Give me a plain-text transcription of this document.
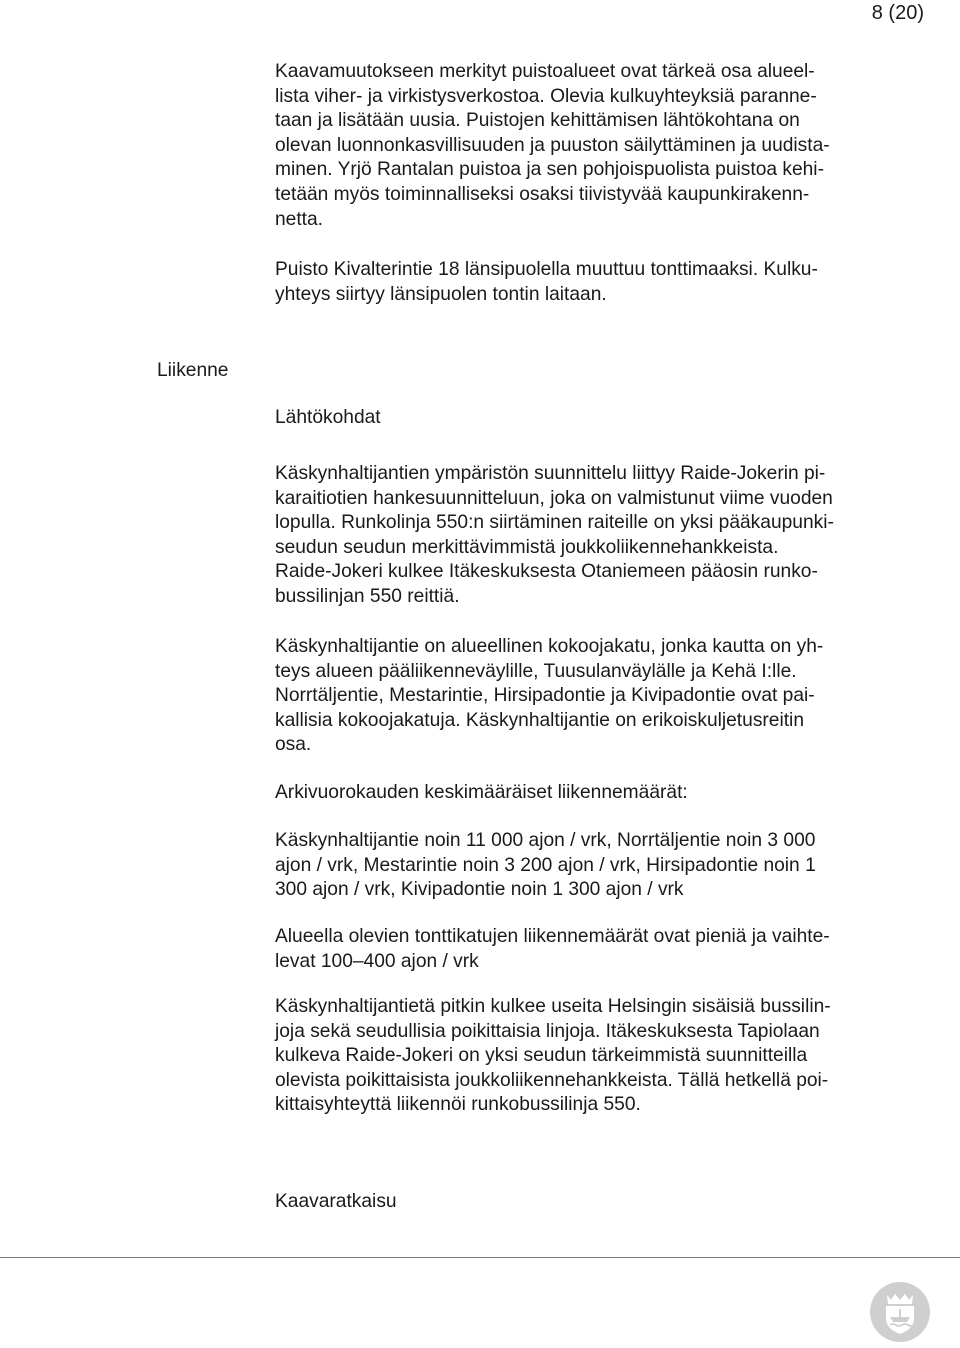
8 (20)

Kaavamuutokseen merkityt puistoalueet ovat tärkeä osa alueel-
lista viher- ja virkistysverkostoa. Olevia kulkuyhteyksiä paranne-
taan ja lisätään uusia. Puistojen kehittämisen lähtökohtana on
olevan luonnonkasvillisuuden ja puuston säilyttäminen ja uudista-
minen. Yrjö Rantalan puistoa ja sen pohjoispuolista puistoa kehi-
tetään myös toiminnalliseksi osaksi tiivistyvää kaupunkirakenn-
netta.

Puisto Kivalterintie 18 länsipuolella muuttuu tonttimaaksi. Kulku-
yhteys siirtyy länsipuolen tontin laitaan.

Liikenne

Lähtökohdat

Käskynhaltijantien ympäristön suunnittelu liittyy Raide-Jokerin pi-
karaitiotien hankesuunnitteluun, joka on valmistunut viime vuoden
lopulla. Runkolinja 550:n siirtäminen raiteille on yksi pääkaupunki-
seudun seudun merkittävimmistä joukkoliikennehankkeista.
Raide-Jokeri kulkee Itäkeskuksesta Otaniemeen pääosin runko-
bussilinjan 550 reittiä.

Käskynhaltijantie on alueellinen kokoojakatu, jonka kautta on yh-
teys alueen pääliikenneväylille, Tuusulanväylälle ja Kehä I:lle.
Norrtäljentie, Mestarintie, Hirsipadontie ja Kivipadontie ovat pai-
kallisia kokoojakatuja. Käskynhaltijantie on erikoiskuljetusreitin
osa.

Arkivuorokauden keskimääräiset liikennemäärät:

Käskynhaltijantie noin 11 000 ajon / vrk, Norrtäljentie noin 3 000
ajon / vrk, Mestarintie noin 3 200 ajon / vrk, Hirsipadontie noin 1
300 ajon / vrk, Kivipadontie noin 1 300 ajon / vrk

Alueella olevien tonttikatujen liikennemäärät ovat pieniä ja vaihte-
levat 100–400 ajon / vrk

Käskynhaltijantietä pitkin kulkee useita Helsingin sisäisiä bussilin-
joja sekä seudullisia poikittaisia linjoja. Itäkeskuksesta Tapiolaan
kulkeva Raide-Jokeri on yksi seudun tärkeimmistä suunnitteilla
olevista poikittaisista joukkoliikennehankkeista. Tällä hetkellä poi-
kittaisyhteyttä liikennöi runkobussilinja 550.

Kaavaratkaisu
